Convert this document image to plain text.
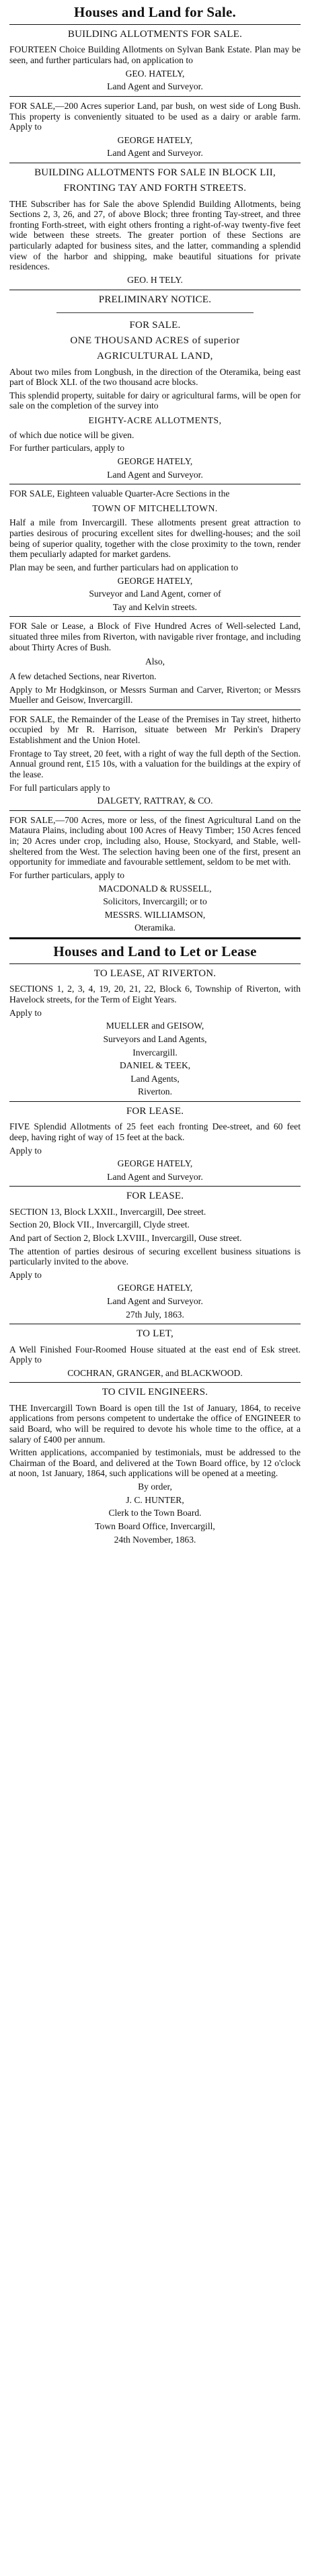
Houses and Land for Sale.
BUILDING ALLOTMENTS FOR SALE.

FOURTEEN Choice Building Allotments on Sylvan Bank Estate. Plan may be seen, and further particulars had, on application to

GEO. HATELY,
Land Agent and Surveyor.

FOR SALE,—200 Acres superior Land, par bush, on west side of Long Bush. This property is conveniently situated to be used as a dairy or arable farm. Apply to

GEORGE HATELY,
Land Agent and Surveyor.
BUILDING ALLOTMENTS FOR SALE IN BLOCK LII,
FRONTING TAY AND FORTH STREETS.

THE Subscriber has for Sale the above Splendid Building Allotments, being Sections 2, 3, 26, and 27, of above Block; three fronting Tay-street, and three fronting Forth-street, with eight others fronting a right-of-way twenty-five feet wide between these streets. The greater portion of these Sections are particularly adapted for business sites, and the latter, commanding a splendid view of the harbor and shipping, make beautiful situations for private residences.

GEO. H TELY.
PRELIMINARY NOTICE.
FOR SALE.
ONE THOUSAND ACRES of superior
AGRICULTURAL LAND,

About two miles from Longbush, in the direction of the Oteramika, being east part of Block XLI. of the two thousand acre blocks.

This splendid property, suitable for dairy or agricultural farms, will be open for sale on the completion of the survey into

EIGHTY-ACRE ALLOTMENTS,

of which due notice will be given.

For further particulars, apply to

GEORGE HATELY,
Land Agent and Surveyor.

FOR SALE, Eighteen valuable Quarter-Acre Sections in the

TOWN OF MITCHELLTOWN.

Half a mile from Invercargill. These allotments present great attraction to parties desirous of procuring excellent sites for dwelling-houses; and the soil being of superior quality, together with the close proximity to the town, render them peculiarly adapted for market gardens.

Plan may be seen, and further particulars had on application to

GEORGE HATELY,
Surveyor and Land Agent, corner of
Tay and Kelvin streets.

FOR Sale or Lease, a Block of Five Hundred Acres of Well-selected Land, situated three miles from Riverton, with navigable river frontage, and including about Thirty Acres of Bush.

Also,

A few detached Sections, near Riverton.

Apply to Mr Hodgkinson, or Messrs Surman and Carver, Riverton; or Messrs Mueller and Geisow, Invercargill.

FOR SALE, the Remainder of the Lease of the Premises in Tay street, hitherto occupied by Mr R. Harrison, situate between Mr Perkin's Drapery Establishment and the Union Hotel.

Frontage to Tay street, 20 feet, with a right of way the full depth of the Section. Annual ground rent, £15 10s, with a valuation for the buildings at the expiry of the lease.

For full particulars apply to

DALGETY, RATTRAY, & CO.

FOR SALE,—700 Acres, more or less, of the finest Agricultural Land on the Mataura Plains, including about 100 Acres of Heavy Timber; 150 Acres fenced in; 20 Acres under crop, including also, House, Stockyard, and Stable, well-sheltered from the West. The selection having been one of the first, present an opportunity for immediate and favourable settlement, seldom to be met with.

For further particulars, apply to

MACDONALD & RUSSELL,
Solicitors, Invercargill; or to
MESSRS. WILLIAMSON,
Oteramika.
Houses and Land to Let or Lease
TO LEASE, AT RIVERTON.

SECTIONS 1, 2, 3, 4, 19, 20, 21, 22, Block 6, Township of Riverton, with Havelock streets, for the Term of Eight Years.

Apply to

MUELLER and GEISOW,
Surveyors and Land Agents,
Invercargill.
DANIEL & TEEK,
Land Agents,
Riverton.
FOR LEASE.

FIVE Splendid Allotments of 25 feet each fronting Dee-street, and 60 feet deep, having right of way of 15 feet at the back.

Apply to

GEORGE HATELY,
Land Agent and Surveyor.
FOR LEASE.

SECTION 13, Block LXXII., Invercargill, Dee street.

Section 20, Block VII., Invercargill, Clyde street.

And part of Section 2, Block LXVIII., Invercargill, Ouse street.

The attention of parties desirous of securing excellent business situations is particularly invited to the above.

Apply to

GEORGE HATELY,
Land Agent and Surveyor.
27th July, 1863.
TO LET,

A Well Finished Four-Roomed House situated at the east end of Esk street. Apply to

COCHRAN, GRANGER, and BLACKWOOD.
TO CIVIL ENGINEERS.

THE Invercargill Town Board is open till the 1st of January, 1864, to receive applications from persons competent to undertake the office of ENGINEER to said Board, who will be required to devote his whole time to the office, at a salary of £400 per annum.

Written applications, accompanied by testimonials, must be addressed to the Chairman of the Board, and delivered at the Town Board office, by 12 o'clock at noon, 1st January, 1864, such applications will be opened at a meeting.

By order,
J. C. HUNTER,
Clerk to the Town Board.
Town Board Office, Invercargill,
24th November, 1863.
